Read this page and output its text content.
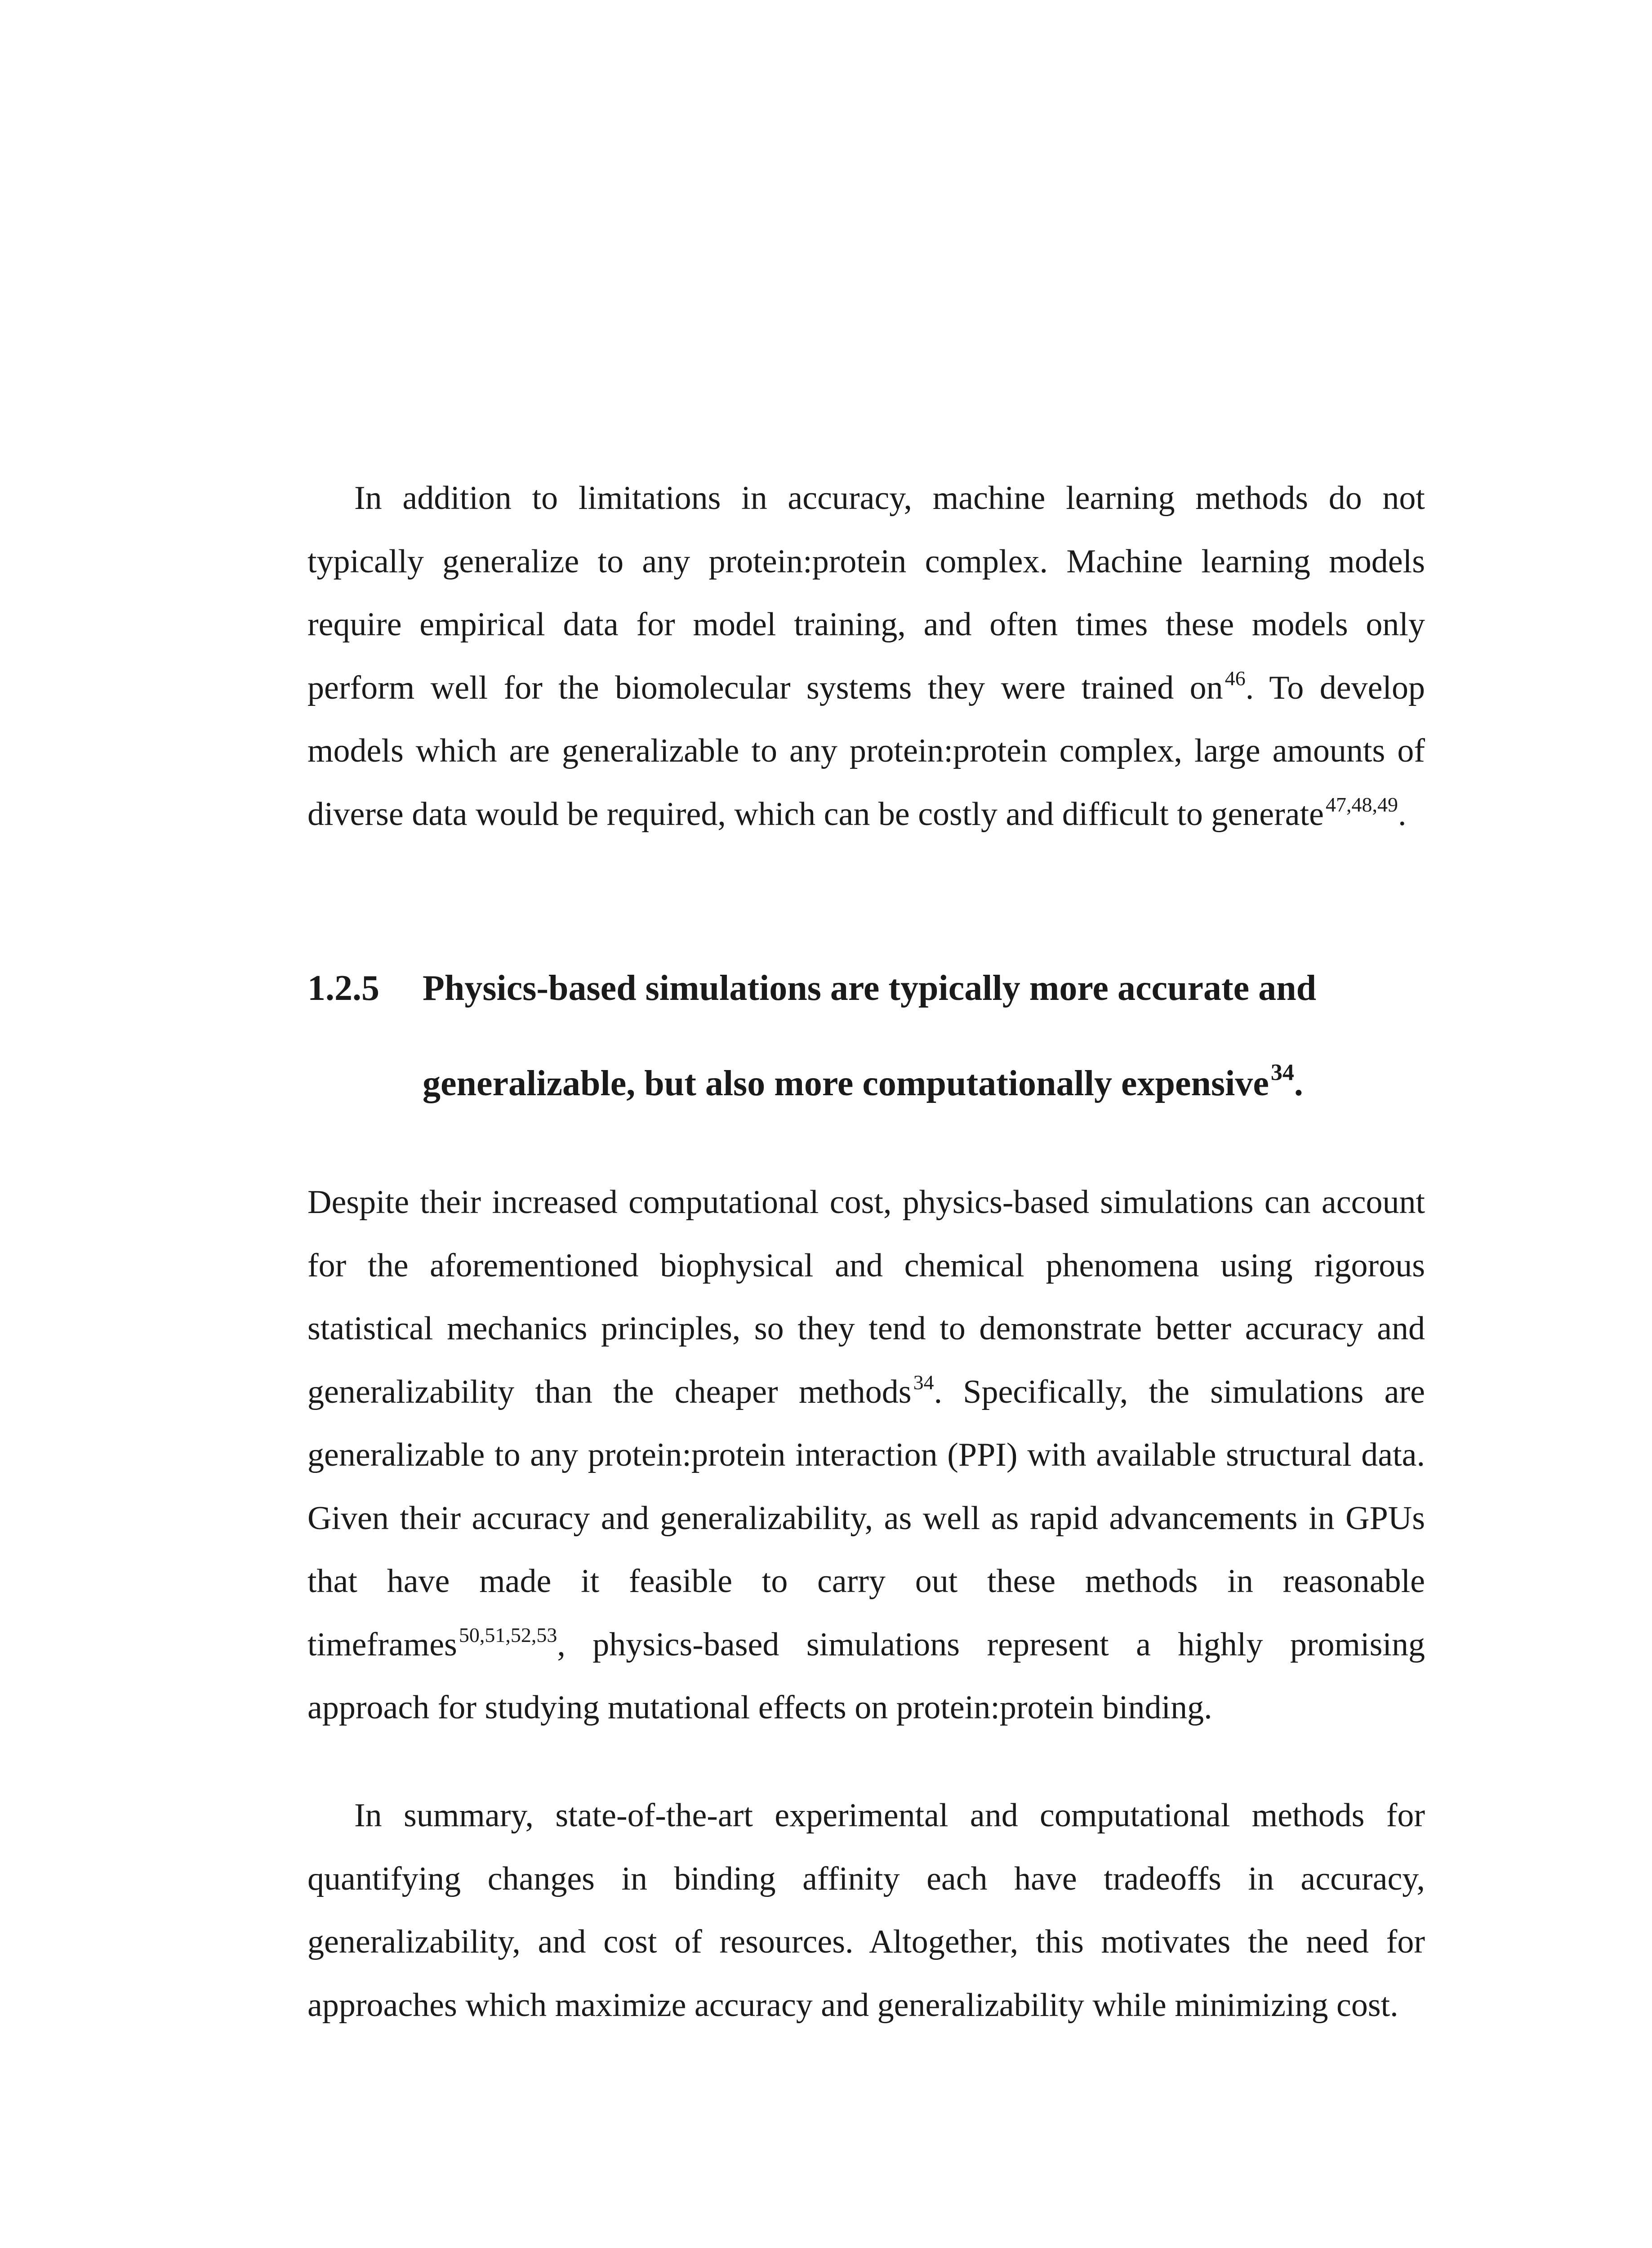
In addition to limitations in accuracy, machine learning methods do not typically generalize to any protein:protein complex. Machine learning models require empirical data for model training, and often times these models only perform well for the biomolecular systems they were trained on$^{46}$. To develop models which are generalizable to any protein:protein complex, large amounts of diverse data would be required, which can be costly and difficult to generate$^{47,48,49}$.

1.2.5	Physics-based simulations are typically more accurate and
generalizable, but also more computationally expensive$^{34}$.

Despite their increased computational cost, physics-based simulations can account for the aforementioned biophysical and chemical phenomena using rigorous statistical mechanics principles, so they tend to demonstrate better accuracy and generalizability than the cheaper methods$^{34}$. Specifically, the simulations are generalizable to any protein:protein interaction (PPI) with available structural data. Given their accuracy and generalizability, as well as rapid advancements in GPUs that have made it feasible to carry out these methods in reasonable timeframes$^{50,51,52,53}$, physics-based simulations represent a highly promising approach for studying mutational effects on protein:protein binding.

In summary, state-of-the-art experimental and computational methods for quantifying changes in binding affinity each have tradeoffs in accuracy, generalizability, and cost of resources. Altogether, this motivates the need for approaches which maximize accuracy and generalizability while minimizing cost.
